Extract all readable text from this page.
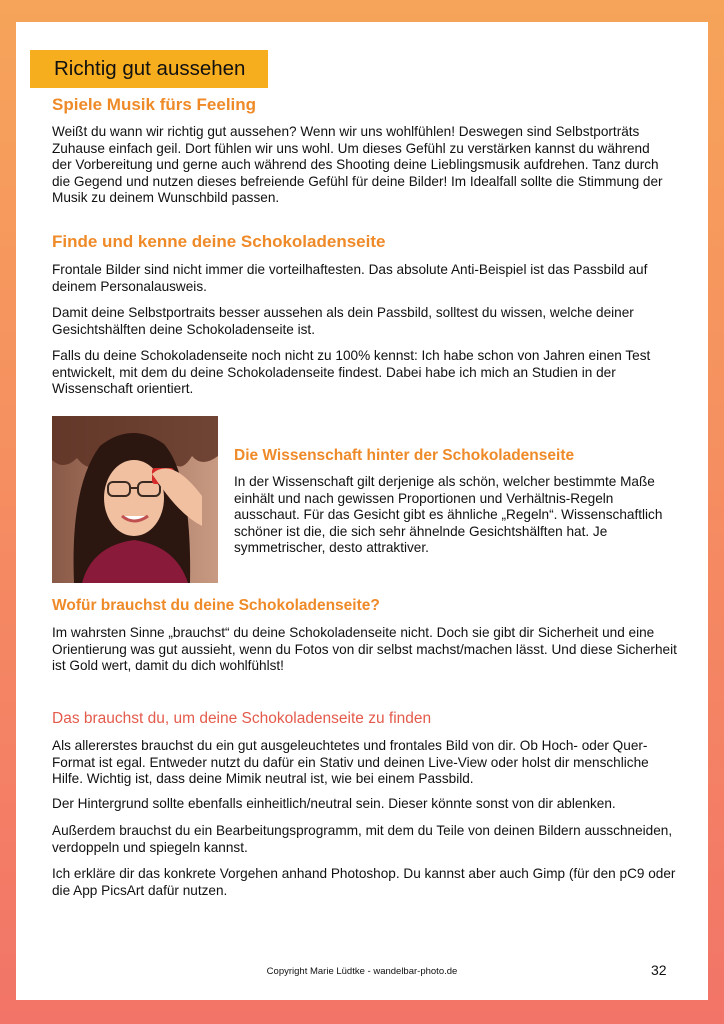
Richtig gut aussehen
Spiele Musik fürs Feeling
Weißt du wann wir richtig gut aussehen? Wenn wir uns wohlfühlen! Deswegen sind Selbstporträts Zuhause einfach geil. Dort fühlen wir uns wohl. Um dieses Gefühl zu verstärken kannst du während der Vorbereitung und gerne auch während des Shooting deine Lieblingsmusik aufdrehen. Tanz durch die Gegend und nutzen dieses befreiende Gefühl für deine Bilder! Im Idealfall sollte die Stimmung der Musik zu deinem Wunschbild passen.
Finde und kenne deine Schokoladenseite
Frontale Bilder sind nicht immer die vorteilhaftesten. Das absolute Anti-Beispiel ist das Passbild auf deinem Personalausweis.
Damit deine Selbstportraits besser aussehen als dein Passbild, solltest du wissen, welche deiner Gesichtshälften deine Schokoladenseite ist.
Falls du deine Schokoladenseite noch nicht zu 100% kennst: Ich habe schon von Jahren einen Test entwickelt, mit dem du deine Schokoladenseite findest. Dabei habe ich mich an Studien in der Wissenschaft orientiert.
Die Wissenschaft hinter der Schokoladenseite
In der Wissenschaft gilt derjenige als schön, welcher bestimmte Maße einhält und nach gewissen Proportionen und Verhältnis-Regeln ausschaut. Für das Gesicht gibt es ähnliche „Regeln“. Wissenschaftlich schöner ist die, die sich sehr ähnelnde Gesichtshälften hat. Je symmetrischer, desto attraktiver.
Wofür brauchst du deine Schokoladenseite?
Im wahrsten Sinne „brauchst“ du deine Schokoladenseite nicht. Doch sie gibt dir Sicherheit und eine Orientierung was gut aussieht, wenn du Fotos von dir selbst machst/machen lässt. Und diese Sicherheit ist Gold wert, damit du dich wohlfühlst!
Das brauchst du, um deine Schokoladenseite zu finden
Als allererstes brauchst du ein gut ausgeleuchtetes und frontales Bild von dir. Ob Hoch- oder Quer-Format ist egal. Entweder nutzt du dafür ein Stativ und deinen Live-View oder holst dir menschliche Hilfe. Wichtig ist, dass deine Mimik neutral ist, wie bei einem Passbild.
Der Hintergrund sollte ebenfalls einheitlich/neutral sein. Dieser könnte sonst von dir ablenken.
Außerdem brauchst du ein Bearbeitungsprogramm, mit dem du Teile von deinen Bildern ausschneiden, verdoppeln und spiegeln kannst.
Ich erkläre dir das konkrete Vorgehen anhand Photoshop. Du kannst aber auch Gimp (für den pC9 oder die App PicsArt dafür nutzen.
Copyright Marie Lüdtke - wandelbar-photo.de	32
